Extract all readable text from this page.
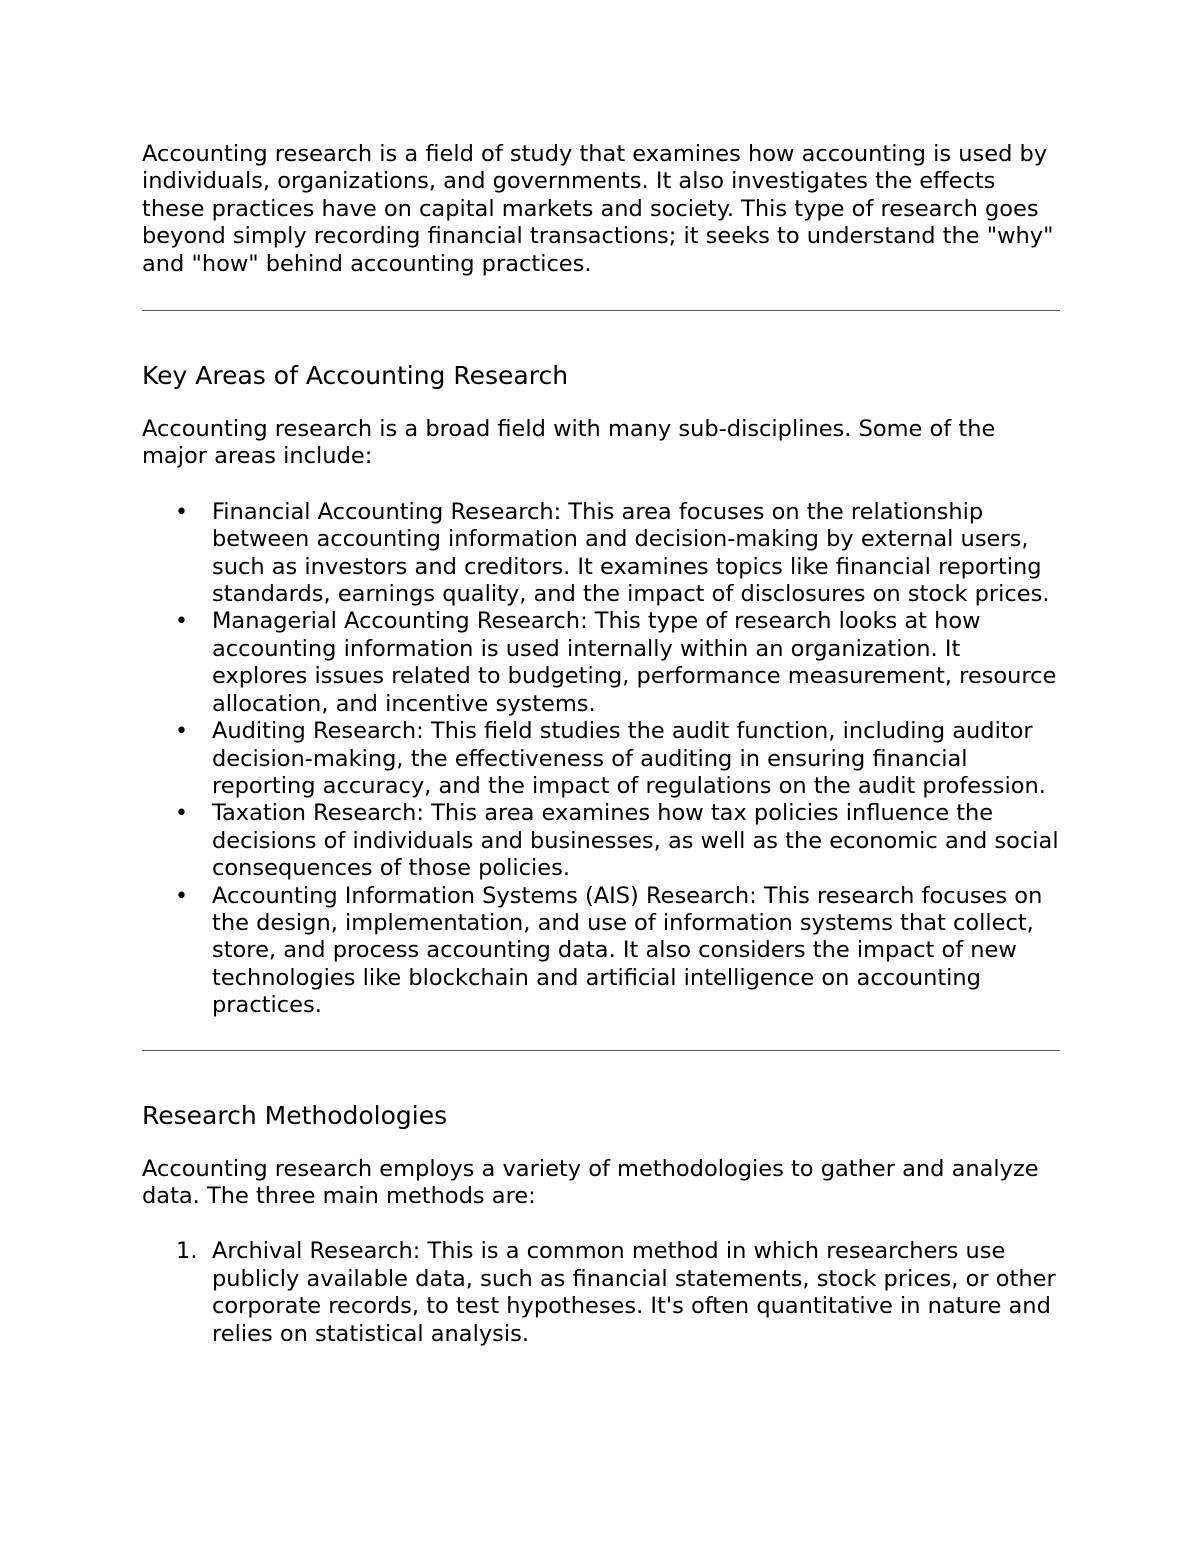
Accounting research is a field of study that examines how accounting is used by individuals, organizations, and governments. It also investigates the effects these practices have on capital markets and society. This type of research goes beyond simply recording financial transactions; it seeks to understand the "why" and "how" behind accounting practices.

Key Areas of Accounting Research

Accounting research is a broad field with many sub-disciplines. Some of the major areas include:

• Financial Accounting Research: This area focuses on the relationship between accounting information and decision-making by external users, such as investors and creditors. It examines topics like financial reporting standards, earnings quality, and the impact of disclosures on stock prices.
• Managerial Accounting Research: This type of research looks at how accounting information is used internally within an organization. It explores issues related to budgeting, performance measurement, resource allocation, and incentive systems.
• Auditing Research: This field studies the audit function, including auditor decision-making, the effectiveness of auditing in ensuring financial reporting accuracy, and the impact of regulations on the audit profession.
• Taxation Research: This area examines how tax policies influence the decisions of individuals and businesses, as well as the economic and social consequences of those policies.
• Accounting Information Systems (AIS) Research: This research focuses on the design, implementation, and use of information systems that collect, store, and process accounting data. It also considers the impact of new technologies like blockchain and artificial intelligence on accounting practices.
Research Methodologies

Accounting research employs a variety of methodologies to gather and analyze data. The three main methods are:

1. Archival Research: This is a common method in which researchers use publicly available data, such as financial statements, stock prices, or other corporate records, to test hypotheses. It's often quantitative in nature and relies on statistical analysis.
